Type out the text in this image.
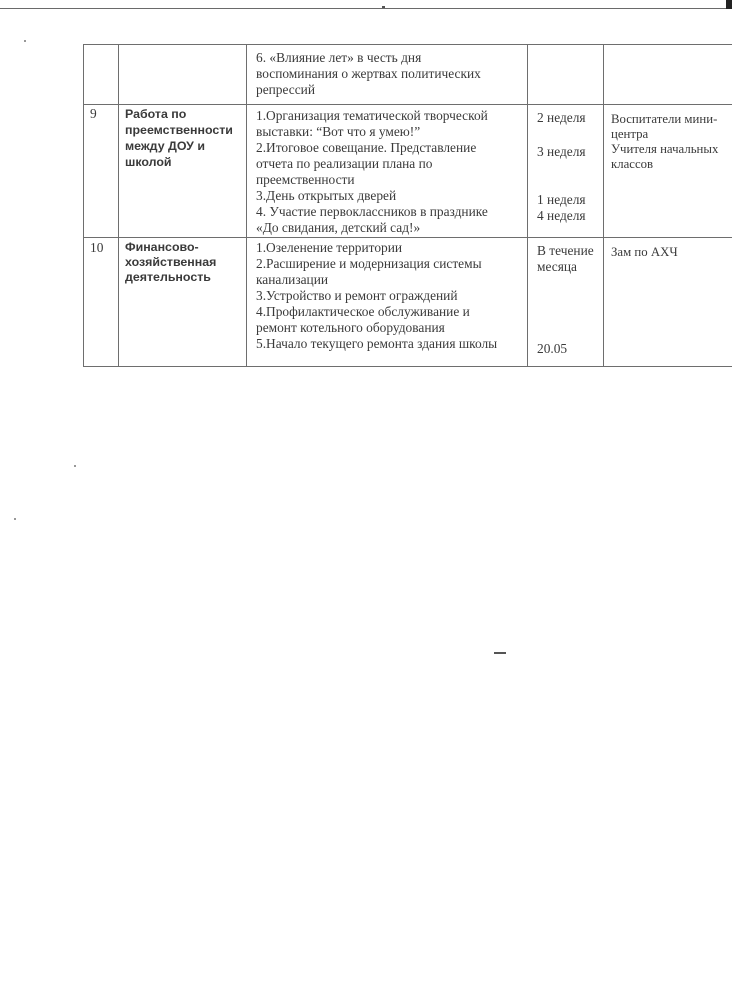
6. «Влияние лет» в честь дня
воспоминания о жертвах политических
репрессий
9 Работа по
преемственности
между ДОУ и
школой
1.Организация тематической творческой
выставки: “Вот что я умею!”
2.Итоговое совещание. Представление
отчета по реализации плана по
преемственности
3.День открытых дверей
4. Участие первоклассников в празднике
«До свидания, детский сад!»
2 неделя
3 неделя
1 неделя
4 неделя
Воспитатели мини-
центра
Учителя начальных
классов
10 Финансово-
хозяйственная
деятельность
1.Озеленение территории
2.Расширение и модернизация системы
канализации
3.Устройство и ремонт ограждений
4.Профилактическое обслуживание и
ремонт котельного оборудования
5.Начало текущего ремонта здания школы
В течение
месяца
20.05
Зам по АХЧ
